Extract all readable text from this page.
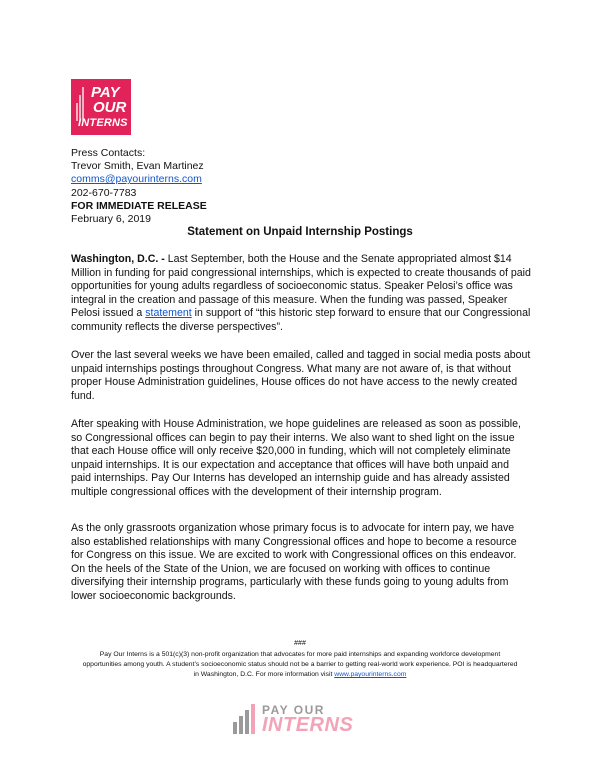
PAY
OUR
INTERNS
Press Contacts:
Trevor Smith, Evan Martinez
comms@payourinterns.com
202-670-7783
FOR IMMEDIATE RELEASE
February 6, 2019
Statement on Unpaid Internship Postings

Washington, D.C. - Last September, both the House and the Senate appropriated almost $14 Million in funding for paid congressional internships, which is expected to create thousands of paid opportunities for young adults regardless of socioeconomic status. Speaker Pelosi’s office was integral in the creation and passage of this measure. When the funding was passed, Speaker Pelosi issued a statement in support of “this historic step forward to ensure that our Congressional community reflects the diverse perspectives”.

Over the last several weeks we have been emailed, called and tagged in social media posts about unpaid internships postings throughout Congress. What many are not aware of, is that without proper House Administration guidelines, House offices do not have access to the newly created fund.

After speaking with House Administration, we hope guidelines are released as soon as possible, so Congressional offices can begin to pay their interns. We also want to shed light on the issue that each House office will only receive $20,000 in funding, which will not completely eliminate unpaid internships. It is our expectation and acceptance that offices will have both unpaid and paid internships. Pay Our Interns has developed an internship guide and has already assisted multiple congressional offices with the development of their internship program.

As the only grassroots organization whose primary focus is to advocate for intern pay, we have also established relationships with many Congressional offices and hope to become a resource for Congress on this issue. We are excited to work with Congressional offices on this endeavor. On the heels of the State of the Union, we are focused on working with offices to continue diversifying their internship programs, particularly with these funds going to young adults from lower socioeconomic backgrounds.

###
Pay Our Interns is a 501(c)(3) non-profit organization that advocates for more paid internships and expanding workforce development opportunities among youth. A student’s socioeconomic status should not be a barrier to getting real-world work experience. POI is headquartered in Washington, D.C. For more information visit www.payourinterns.com
PAY OUR
INTERNS
